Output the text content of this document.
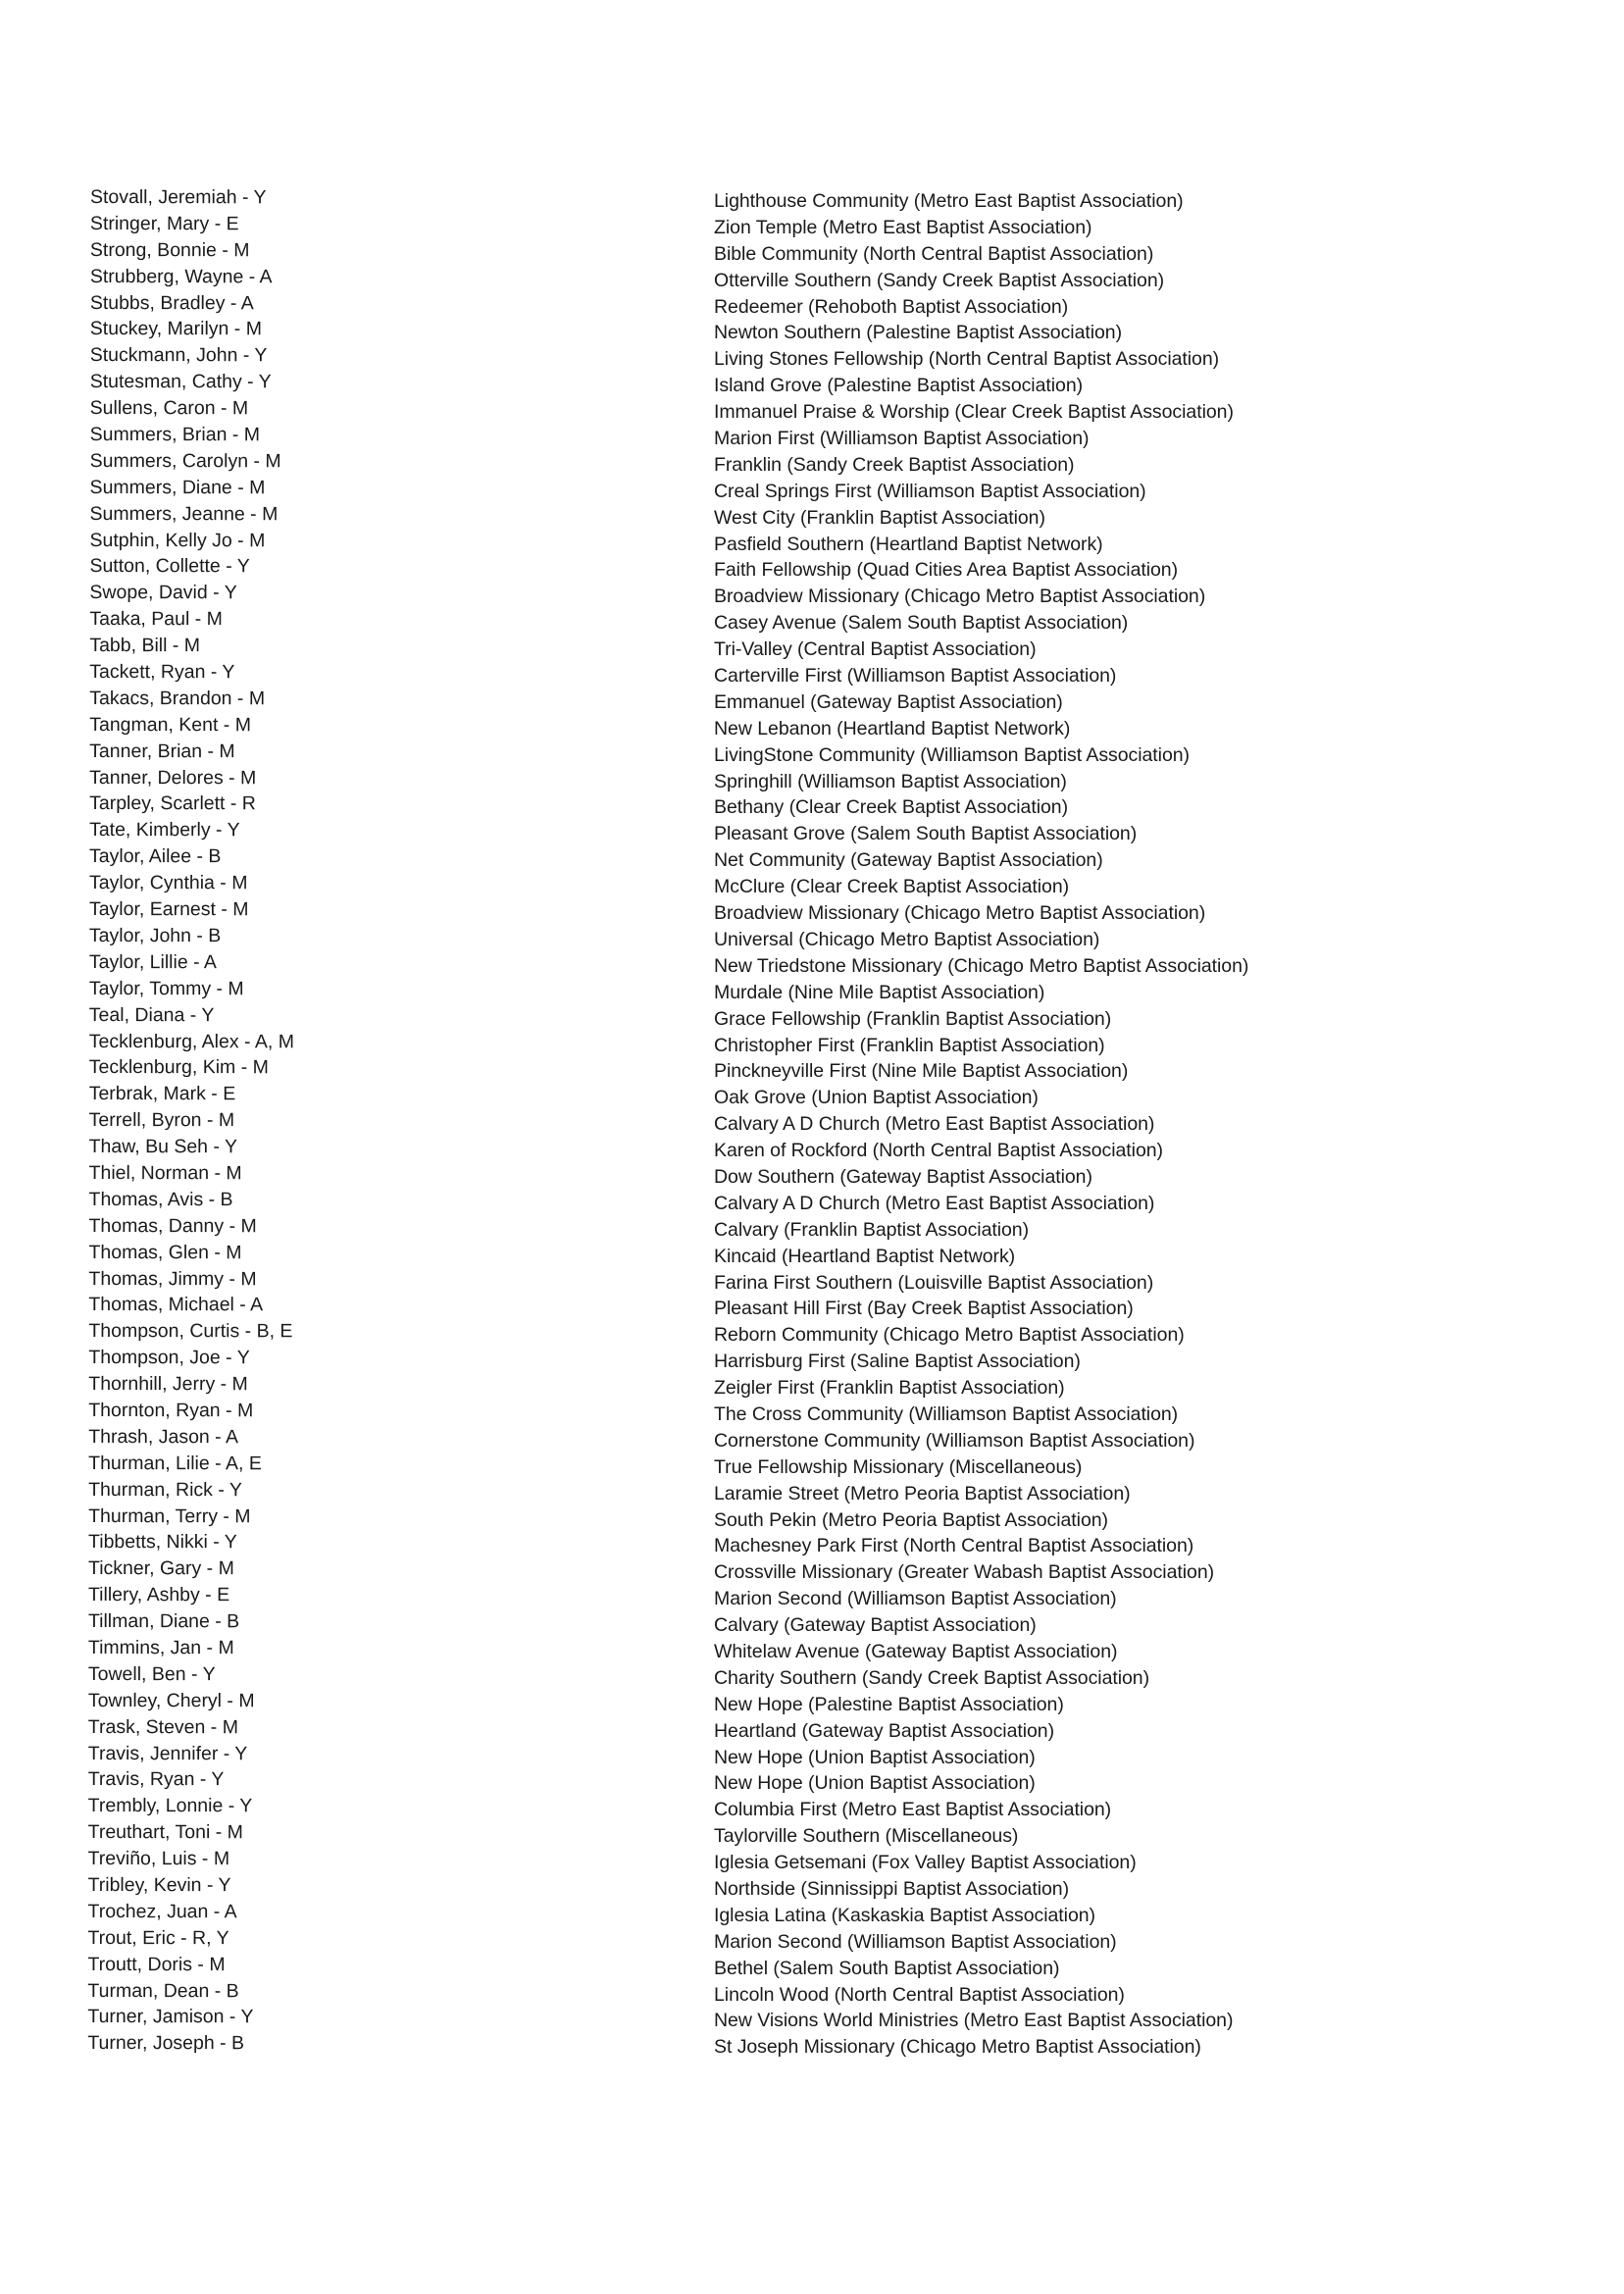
Stovall, Jeremiah - Y
Stringer, Mary - E
Strong, Bonnie - M
Strubberg, Wayne - A
Stubbs, Bradley - A
Stuckey, Marilyn - M
Stuckmann, John - Y
Stutesman, Cathy - Y
Sullens, Caron - M
Summers, Brian - M
Summers, Carolyn - M
Summers, Diane - M
Summers, Jeanne - M
Sutphin, Kelly Jo - M
Sutton, Collette - Y
Swope, David - Y
Taaka, Paul - M
Tabb, Bill - M
Tackett, Ryan - Y
Takacs, Brandon - M
Tangman, Kent - M
Tanner, Brian - M
Tanner, Delores - M
Tarpley, Scarlett - R
Tate, Kimberly - Y
Taylor, Ailee - B
Taylor, Cynthia - M
Taylor, Earnest - M
Taylor, John - B
Taylor, Lillie - A
Taylor, Tommy - M
Teal, Diana - Y
Tecklenburg, Alex - A, M
Tecklenburg, Kim - M
Terbrak, Mark - E
Terrell, Byron - M
Thaw, Bu Seh - Y
Thiel, Norman - M
Thomas, Avis - B
Thomas, Danny - M
Thomas, Glen - M
Thomas, Jimmy - M
Thomas, Michael - A
Thompson, Curtis - B, E
Thompson, Joe - Y
Thornhill, Jerry - M
Thornton, Ryan - M
Thrash, Jason - A
Thurman, Lilie - A, E
Thurman, Rick - Y
Thurman, Terry - M
Tibbetts, Nikki - Y
Tickner, Gary - M
Tillery, Ashby - E
Tillman, Diane - B
Timmins, Jan - M
Towell, Ben - Y
Townley, Cheryl - M
Trask, Steven - M
Travis, Jennifer - Y
Travis, Ryan - Y
Trembly, Lonnie - Y
Treuthart, Toni - M
Treviño, Luis - M
Tribley, Kevin - Y
Trochez, Juan - A
Trout, Eric - R, Y
Troutt, Doris - M
Turman, Dean - B
Turner, Jamison - Y
Turner, Joseph - B
Lighthouse Community (Metro East Baptist Association)
Zion Temple (Metro East Baptist Association)
Bible Community (North Central Baptist Association)
Otterville Southern (Sandy Creek Baptist Association)
Redeemer (Rehoboth Baptist Association)
Newton Southern (Palestine Baptist Association)
Living Stones Fellowship (North Central Baptist Association)
Island Grove (Palestine Baptist Association)
Immanuel Praise & Worship (Clear Creek Baptist Association)
Marion First (Williamson Baptist Association)
Franklin (Sandy Creek Baptist Association)
Creal Springs First (Williamson Baptist Association)
West City (Franklin Baptist Association)
Pasfield Southern (Heartland Baptist Network)
Faith Fellowship (Quad Cities Area Baptist Association)
Broadview Missionary (Chicago Metro Baptist Association)
Casey Avenue (Salem South Baptist Association)
Tri-Valley (Central Baptist Association)
Carterville First (Williamson Baptist Association)
Emmanuel (Gateway Baptist Association)
New Lebanon (Heartland Baptist Network)
LivingStone Community (Williamson Baptist Association)
Springhill (Williamson Baptist Association)
Bethany (Clear Creek Baptist Association)
Pleasant Grove (Salem South Baptist Association)
Net Community (Gateway Baptist Association)
McClure (Clear Creek Baptist Association)
Broadview Missionary (Chicago Metro Baptist Association)
Universal (Chicago Metro Baptist Association)
New Triedstone Missionary (Chicago Metro Baptist Association)
Murdale (Nine Mile Baptist Association)
Grace Fellowship (Franklin Baptist Association)
Christopher First (Franklin Baptist Association)
Pinckneyville First (Nine Mile Baptist Association)
Oak Grove (Union Baptist Association)
Calvary A D Church (Metro East Baptist Association)
Karen of Rockford (North Central Baptist Association)
Dow Southern (Gateway Baptist Association)
Calvary A D Church (Metro East Baptist Association)
Calvary (Franklin Baptist Association)
Kincaid (Heartland Baptist Network)
Farina First Southern (Louisville Baptist Association)
Pleasant Hill First (Bay Creek Baptist Association)
Reborn Community (Chicago Metro Baptist Association)
Harrisburg First (Saline Baptist Association)
Zeigler First (Franklin Baptist Association)
The Cross Community (Williamson Baptist Association)
Cornerstone Community (Williamson Baptist Association)
True Fellowship Missionary (Miscellaneous)
Laramie Street (Metro Peoria Baptist Association)
South Pekin (Metro Peoria Baptist Association)
Machesney Park First (North Central Baptist Association)
Crossville Missionary (Greater Wabash Baptist Association)
Marion Second (Williamson Baptist Association)
Calvary (Gateway Baptist Association)
Whitelaw Avenue (Gateway Baptist Association)
Charity Southern (Sandy Creek Baptist Association)
New Hope (Palestine Baptist Association)
Heartland (Gateway Baptist Association)
New Hope (Union Baptist Association)
New Hope (Union Baptist Association)
Columbia First (Metro East Baptist Association)
Taylorville Southern (Miscellaneous)
Iglesia Getsemani (Fox Valley Baptist Association)
Northside (Sinnissippi Baptist Association)
Iglesia Latina (Kaskaskia Baptist Association)
Marion Second (Williamson Baptist Association)
Bethel (Salem South Baptist Association)
Lincoln Wood (North Central Baptist Association)
New Visions World Ministries (Metro East Baptist Association)
St Joseph Missionary (Chicago Metro Baptist Association)
